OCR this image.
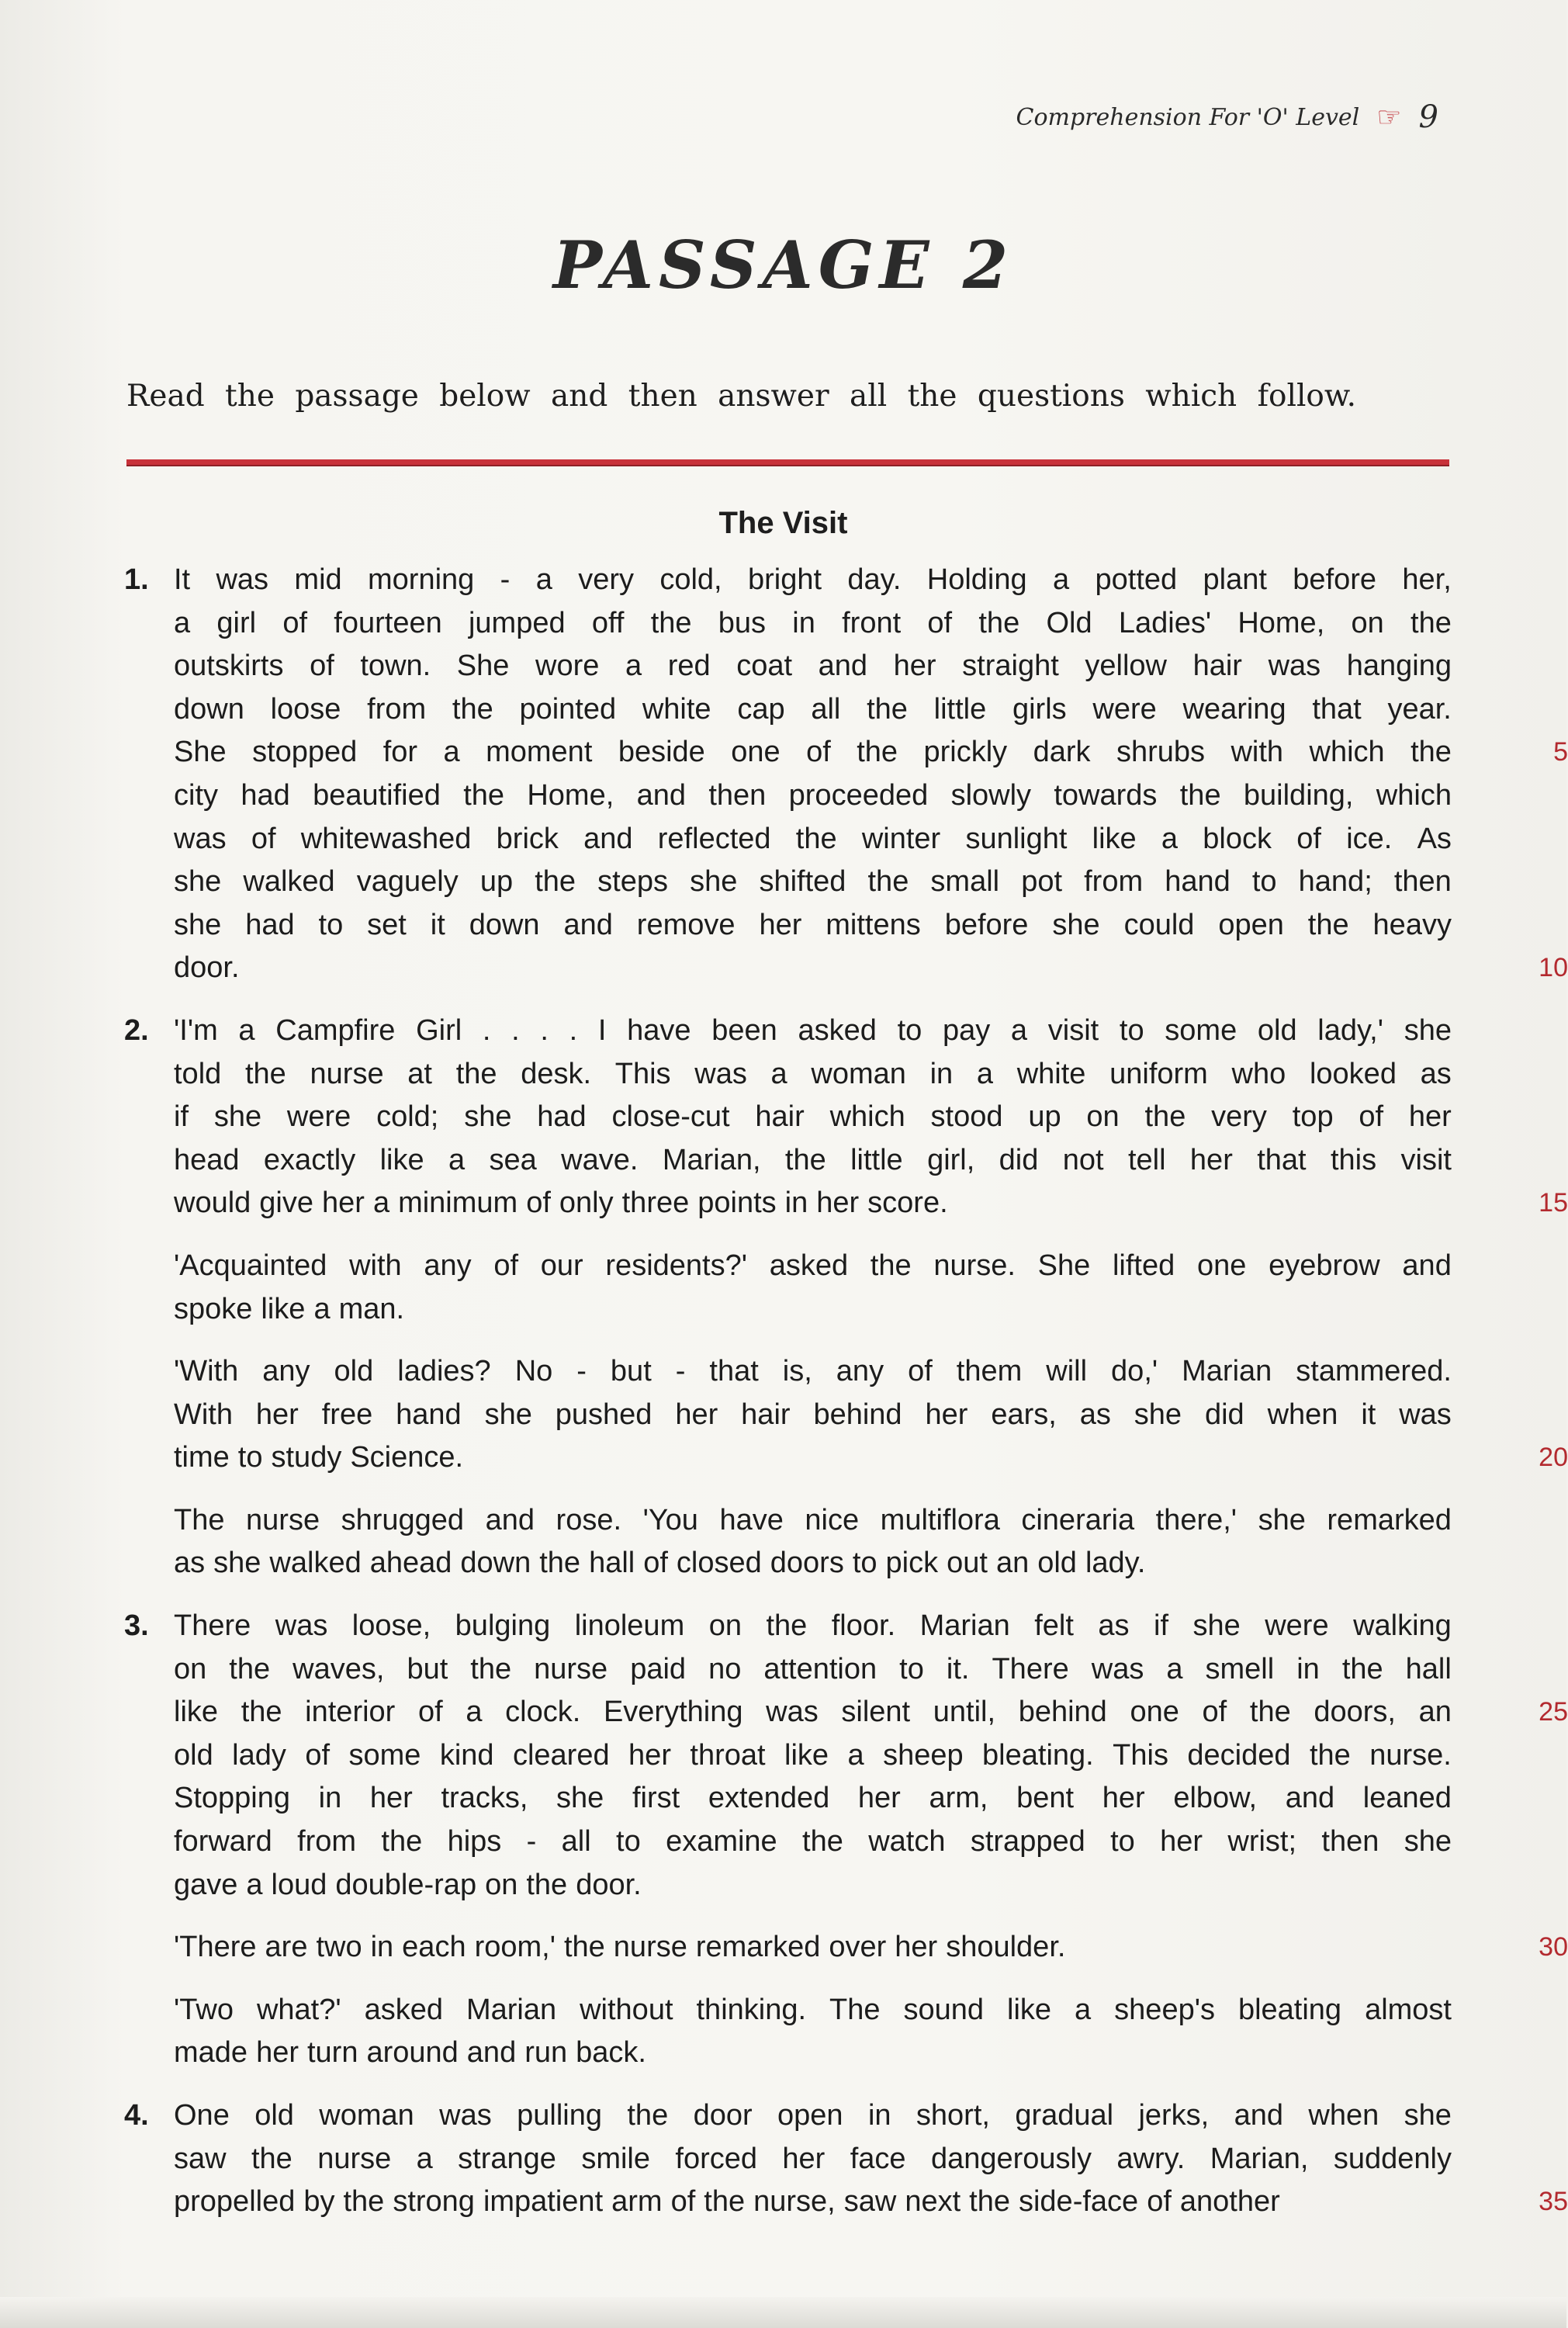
Comprehension For 'O' Level ☞ 9
PASSAGE 2
Read the passage below and then answer all the questions which follow.
The Visit
1. It was mid morning - a very cold, bright day. Holding a potted plant before her,
a girl of fourteen jumped off the bus in front of the Old Ladies' Home, on the
outskirts of town. She wore a red coat and her straight yellow hair was hanging
down loose from the pointed white cap all the little girls were wearing that year.
She stopped for a moment beside one of the prickly dark shrubs with which the	5
city had beautified the Home, and then proceeded slowly towards the building, which
was of whitewashed brick and reflected the winter sunlight like a block of ice. As
she walked vaguely up the steps she shifted the small pot from hand to hand; then
she had to set it down and remove her mittens before she could open the heavy
door.	10
2. 'I'm a Campfire Girl . . . . I have been asked to pay a visit to some old lady,' she
told the nurse at the desk. This was a woman in a white uniform who looked as
if she were cold; she had close-cut hair which stood up on the very top of her
head exactly like a sea wave. Marian, the little girl, did not tell her that this visit
would give her a minimum of only three points in her score.	15
'Acquainted with any of our residents?' asked the nurse. She lifted one eyebrow and
spoke like a man.
'With any old ladies? No - but - that is, any of them will do,' Marian stammered.
With her free hand she pushed her hair behind her ears, as she did when it was
time to study Science.	20
The nurse shrugged and rose. 'You have nice multiflora cineraria there,' she remarked
as she walked ahead down the hall of closed doors to pick out an old lady.
3. There was loose, bulging linoleum on the floor. Marian felt as if she were walking
on the waves, but the nurse paid no attention to it. There was a smell in the hall
like the interior of a clock. Everything was silent until, behind one of the doors, an	25
old lady of some kind cleared her throat like a sheep bleating. This decided the nurse.
Stopping in her tracks, she first extended her arm, bent her elbow, and leaned
forward from the hips - all to examine the watch strapped to her wrist; then she
gave a loud double-rap on the door.
'There are two in each room,' the nurse remarked over her shoulder.	30
'Two what?' asked Marian without thinking. The sound like a sheep's bleating almost
made her turn around and run back.
4. One old woman was pulling the door open in short, gradual jerks, and when she
saw the nurse a strange smile forced her face dangerously awry. Marian, suddenly
propelled by the strong impatient arm of the nurse, saw next the side-face of another	35
